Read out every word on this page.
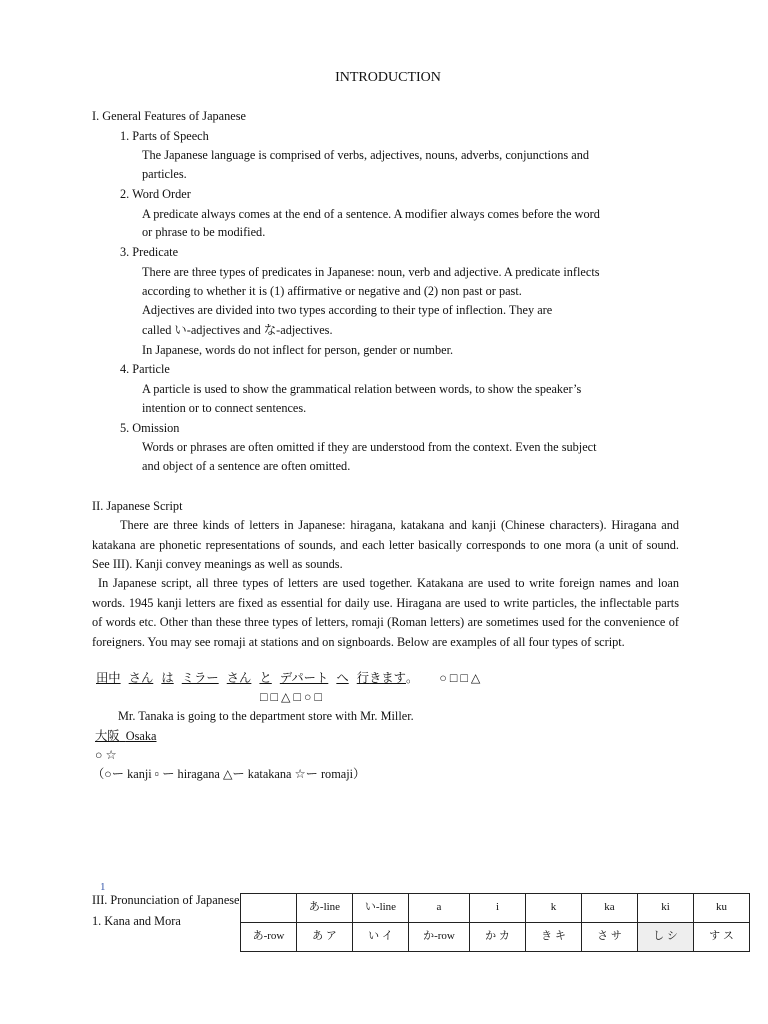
INTRODUCTION
I. General Features of Japanese
1. Parts of Speech
The Japanese language is comprised of verbs, adjectives, nouns, adverbs, conjunctions and
particles.
2. Word Order
A predicate always comes at the end of a sentence. A modifier always comes before the word
or phrase to be modified.
3. Predicate
There are three types of predicates in Japanese: noun, verb and adjective. A predicate inflects
according to whether it is (1) affirmative or negative and (2) non past or past.
Adjectives are divided into two types according to their type of inflection. They are
called い-adjectives and な-adjectives.
In Japanese, words do not inflect for person, gender or number.
4. Particle
A particle is used to show the grammatical relation between words, to show the speaker’s
intention or to connect sentences.
5. Omission
Words or phrases are often omitted if they are understood from the context. Even the subject
and object of a sentence are often omitted.
II. Japanese Script
There are three kinds of letters in Japanese: hiragana, katakana and kanji (Chinese characters). Hiragana and katakana are phonetic representations of sounds, and each letter basically corresponds to one mora (a unit of sound. See III). Kanji convey meanings as well as sounds.
In Japanese script, all three types of letters are used together. Katakana are used to write foreign names and loan words. 1945 kanji letters are fixed as essential for daily use. Hiragana are used to write particles, the inflectable parts of words etc. Other than these three types of letters, romaji (Roman letters) are sometimes used for the convenience of foreigners. You may see romaji at stations and on signboards. Below are examples of all four types of script.
田中 さん は ミラー さん と デパート へ 行きます。 ○ □ □ △
□ □ △ □ ○ □
Mr. Tanaka is going to the department store with Mr. Miller.
大阪 Osaka
○ ☆
（○ー kanji ▫ ー hiragana △ー katakana ☆ー romaji）
1
III. Pronunciation of Japanese
1. Kana and Mora
	あ-line	い-line	a	i	k	ka	ki	ku
あ-row	あ ア	い イ	か-row	か カ	き キ	さ サ	し シ	す ス
